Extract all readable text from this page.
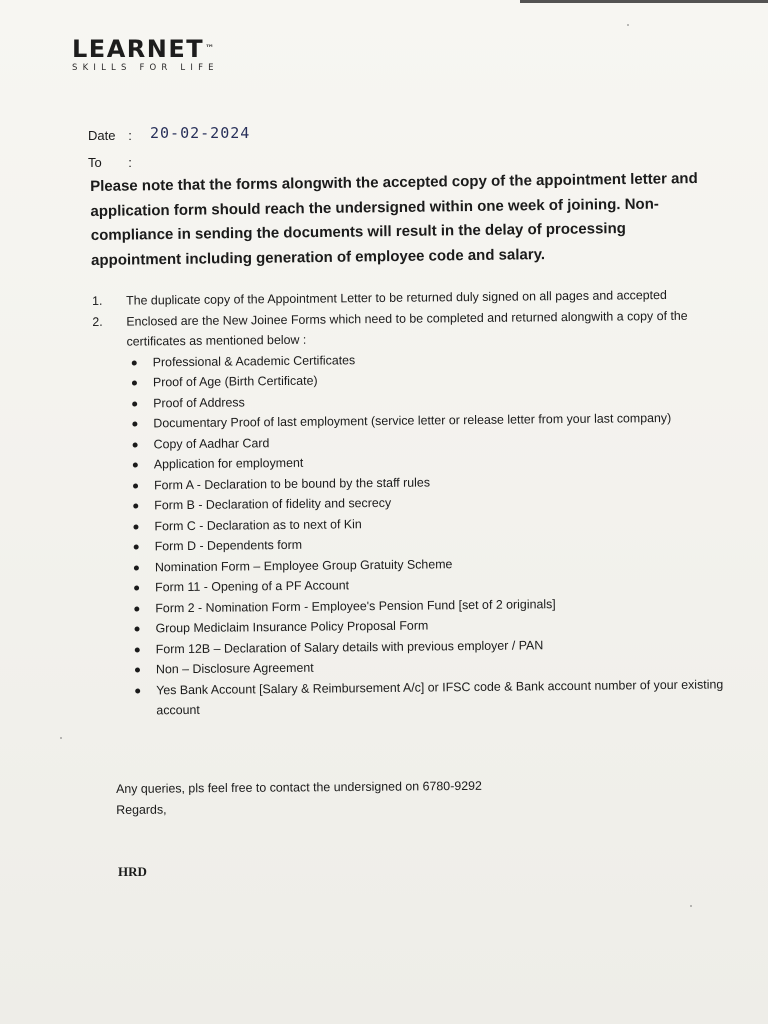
LEARNET™
SKILLS FOR LIFE
Date : 20-02-2024
To :

Please note that the forms alongwith the accepted copy of the appointment letter and application form should reach the undersigned within one week of joining. Non- compliance in sending the documents will result in the delay of processing appointment including generation of employee code and salary.

1. The duplicate copy of the Appointment Letter to be returned duly signed on all pages and accepted
2. Enclosed are the New Joinee Forms which need to be completed and returned alongwith a copy of the certificates as mentioned below :
Professional & Academic Certificates
Proof of Age (Birth Certificate)
Proof of Address
Documentary Proof of last employment (service letter or release letter from your last company)
Copy of Aadhar Card
Application for employment
Form A - Declaration to be bound by the staff rules
Form B - Declaration of fidelity and secrecy
Form C - Declaration as to next of Kin
Form D - Dependents form
Nomination Form – Employee Group Gratuity Scheme
Form 11 - Opening of a PF Account
Form 2 - Nomination Form - Employee's Pension Fund [set of 2 originals]
Group Mediclaim Insurance Policy Proposal Form
Form 12B – Declaration of Salary details with previous employer / PAN
Non – Disclosure Agreement
Yes Bank Account [Salary & Reimbursement A/c] or IFSC code & Bank account number of your existing account
Any queries, pls feel free to contact the undersigned on 6780-9292
Regards,
HRD
